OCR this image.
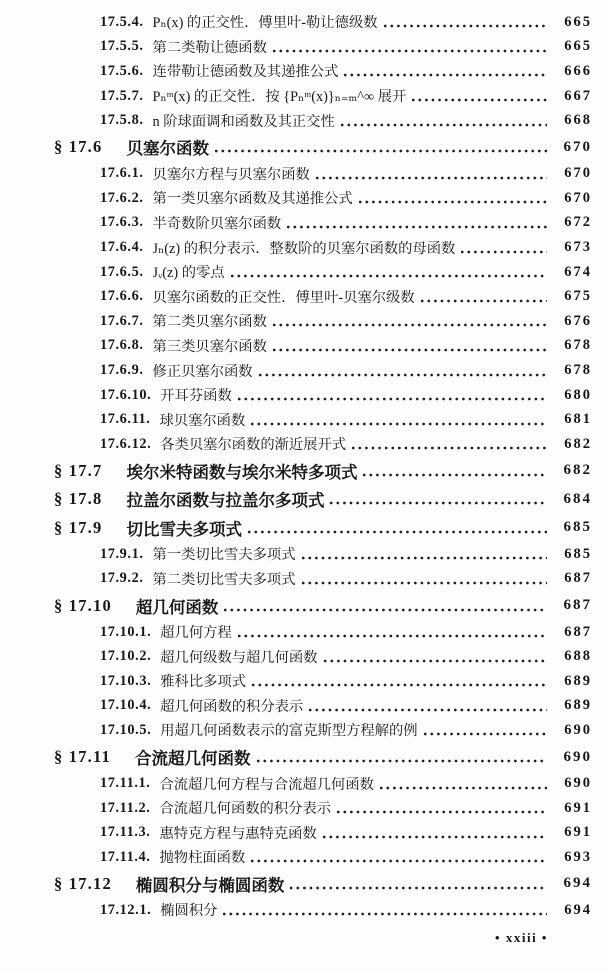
17.5.4. Pₙ(x) 的正交性．傅里叶-勒让德级数	665
17.5.5. 第二类勒让德函数	665
17.5.6. 连带勒让德函数及其递推公式	666
17.5.7. Pₙᵐ(x) 的正交性．按 {Pₙᵐ(x)}ₙ₌ₘ^∞ 展开	667
17.5.8. n 阶球面调和函数及其正交性	668
§ 17.6 贝塞尔函数	670
17.6.1. 贝塞尔方程与贝塞尔函数	670
17.6.2. 第一类贝塞尔函数及其递推公式	670
17.6.3. 半奇数阶贝塞尔函数	672
17.6.4. Jₙ(z) 的积分表示．整数阶的贝塞尔函数的母函数	673
17.6.5. Jᵥ(z) 的零点	674
17.6.6. 贝塞尔函数的正交性．傅里叶-贝塞尔级数	675
17.6.7. 第二类贝塞尔函数	676
17.6.8. 第三类贝塞尔函数	678
17.6.9. 修正贝塞尔函数	678
17.6.10. 开耳芬函数	680
17.6.11. 球贝塞尔函数	681
17.6.12. 各类贝塞尔函数的渐近展开式	682
§ 17.7 埃尔米特函数与埃尔米特多项式	682
§ 17.8 拉盖尔函数与拉盖尔多项式	684
§ 17.9 切比雪夫多项式	685
17.9.1. 第一类切比雪夫多项式	685
17.9.2. 第二类切比雪夫多项式	687
§ 17.10 超几何函数	687
17.10.1. 超几何方程	687
17.10.2. 超几何级数与超几何函数	688
17.10.3. 雅科比多项式	689
17.10.4. 超几何函数的积分表示	689
17.10.5. 用超几何函数表示的富克斯型方程解的例	690
§ 17.11 合流超几何函数	690
17.11.1. 合流超几何方程与合流超几何函数	690
17.11.2. 合流超几何函数的积分表示	691
17.11.3. 惠特克方程与惠特克函数	691
17.11.4. 抛物柱面函数	693
§ 17.12 椭圆积分与椭圆函数	694
17.12.1. 椭圆积分	694
• xxiii •
